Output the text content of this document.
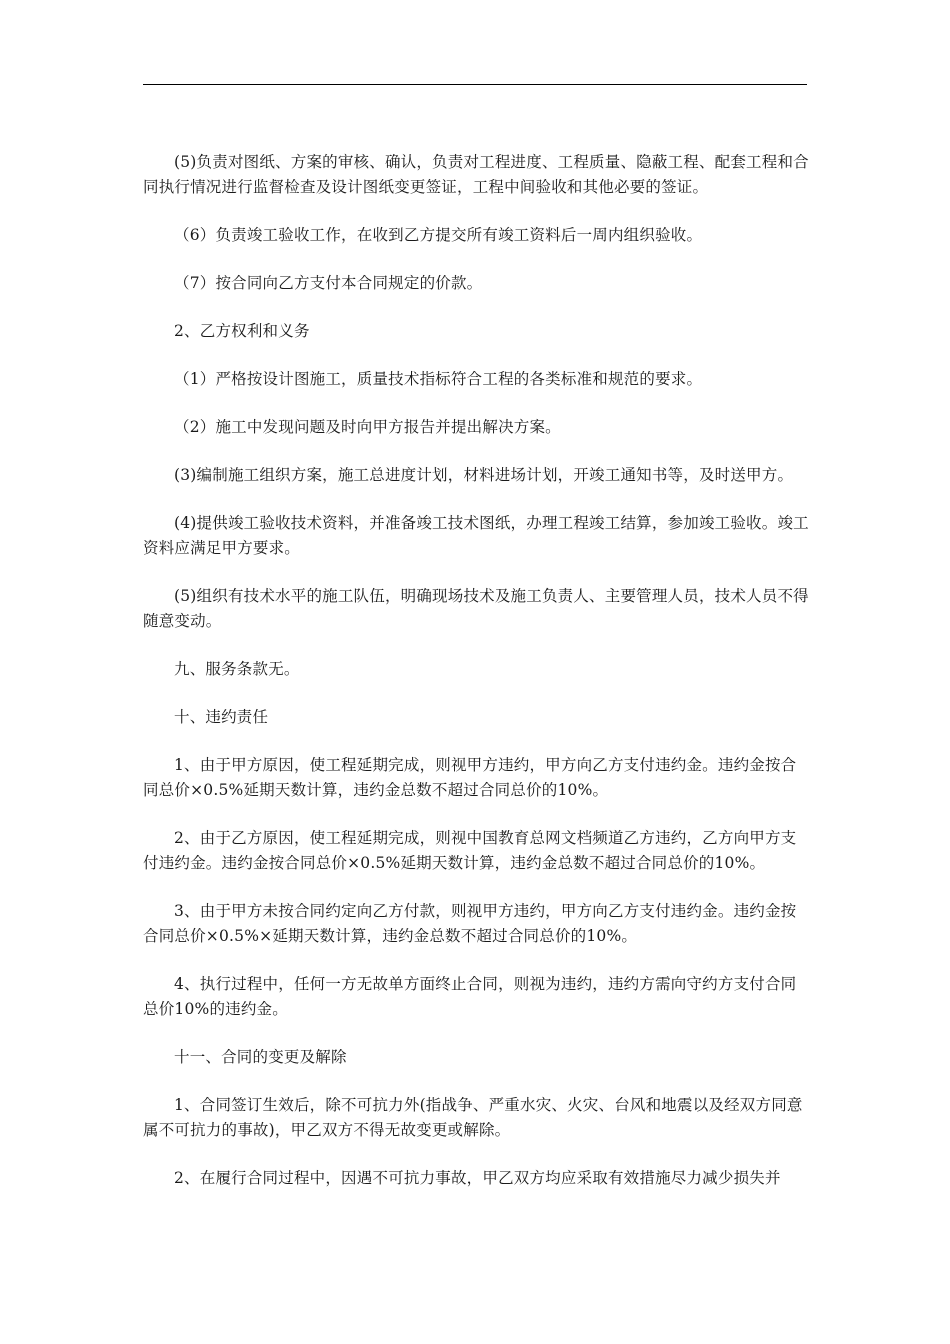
(5)负责对图纸、方案的审核、确认，负责对工程进度、工程质量、隐蔽工程、配套工程和合同执行情况进行监督检查及设计图纸变更签证，工程中间验收和其他必要的签证。

（6）负责竣工验收工作，在收到乙方提交所有竣工资料后一周内组织验收。

（7）按合同向乙方支付本合同规定的价款。

2、乙方权利和义务

（1）严格按设计图施工，质量技术指标符合工程的各类标准和规范的要求。

（2）施工中发现问题及时向甲方报告并提出解决方案。

(3)编制施工组织方案，施工总进度计划，材料进场计划，开竣工通知书等，及时送甲方。

(4)提供竣工验收技术资料，并准备竣工技术图纸，办理工程竣工结算，参加竣工验收。竣工资料应满足甲方要求。

(5)组织有技术水平的施工队伍，明确现场技术及施工负责人、主要管理人员，技术人员不得随意变动。

九、服务条款无。

十、违约责任

1、由于甲方原因，使工程延期完成，则视甲方违约，甲方向乙方支付违约金。违约金按合同总价×0.5%延期天数计算，违约金总数不超过合同总价的10%。

2、由于乙方原因，使工程延期完成，则视中国教育总网文档频道乙方违约，乙方向甲方支付违约金。违约金按合同总价×0.5%延期天数计算，违约金总数不超过合同总价的10%。

3、由于甲方未按合同约定向乙方付款，则视甲方违约，甲方向乙方支付违约金。违约金按合同总价×0.5%×延期天数计算，违约金总数不超过合同总价的10%。

4、执行过程中，任何一方无故单方面终止合同，则视为违约，违约方需向守约方支付合同总价10%的违约金。

十一、合同的变更及解除

1、合同签订生效后，除不可抗力外(指战争、严重水灾、火灾、台风和地震以及经双方同意属不可抗力的事故)，甲乙双方不得无故变更或解除。

2、在履行合同过程中，因遇不可抗力事故，甲乙双方均应采取有效措施尽力减少损失并
